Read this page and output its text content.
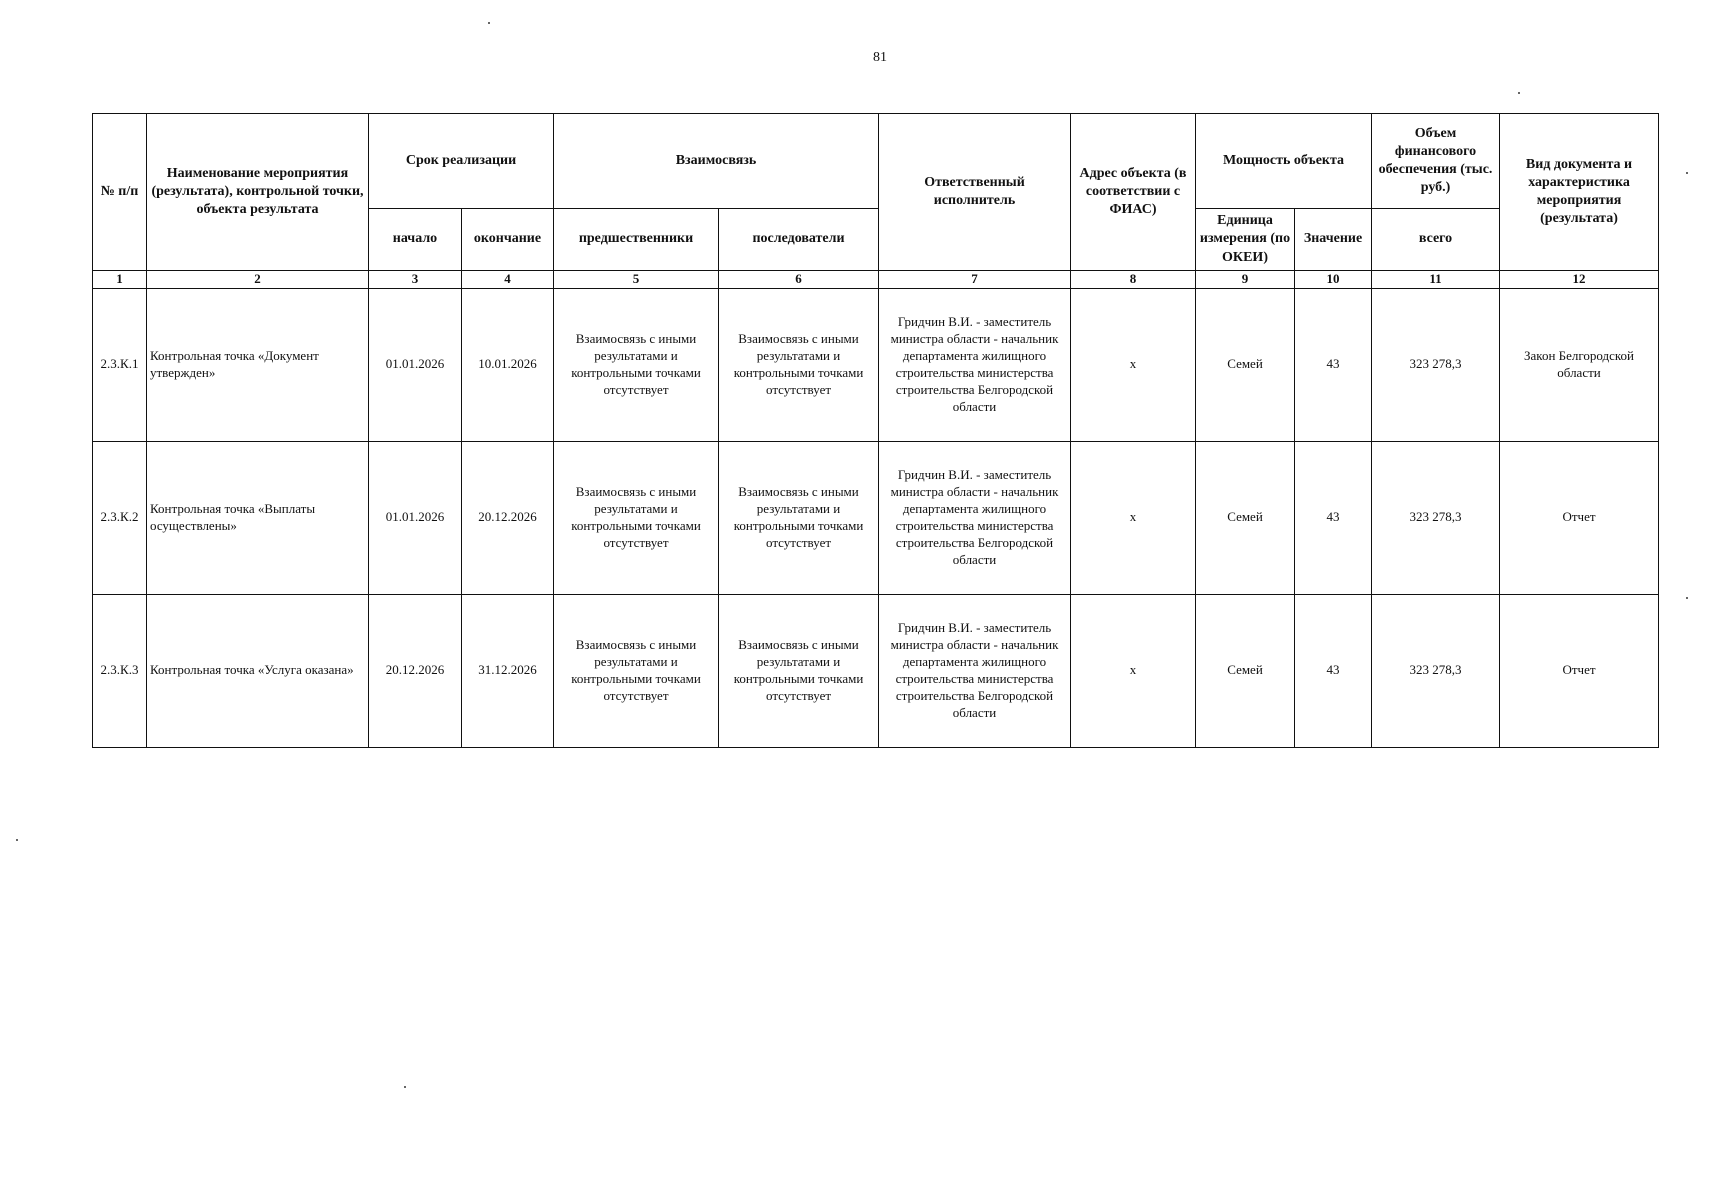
81
№ п/п	Наименование мероприятия (результата), контрольной точки, объекта результата	Срок реализации		Взаимосвязь		Ответственный исполнитель	Адрес объекта (в соответствии с ФИАС)	Мощность объекта		Объем финансового обеспечения (тыс. руб.)	Вид документа и характеристика мероприятия (результата)
		начало	окончание	предшественники	последователи			Единица измерения (по ОКЕИ)	Значение	всего	
1	2	3	4	5	6	7	8	9	10	11	12
2.3.К.1	Контрольная точка «Документ утвержден»	01.01.2026	10.01.2026	Взаимосвязь с иными результатами и контрольными точками отсутствует	Взаимосвязь с иными результатами и контрольными точками отсутствует	Гридчин В.И. - заместитель министра области - начальник департамента жилищного строительства министерства строительства Белгородской области	х	Семей	43	323 278,3	Закон Белгородской области
2.3.К.2	Контрольная точка «Выплаты осуществлены»	01.01.2026	20.12.2026	Взаимосвязь с иными результатами и контрольными точками отсутствует	Взаимосвязь с иными результатами и контрольными точками отсутствует	Гридчин В.И. - заместитель министра области - начальник департамента жилищного строительства министерства строительства Белгородской области	х	Семей	43	323 278,3	Отчет
2.3.К.3	Контрольная точка «Услуга оказана»	20.12.2026	31.12.2026	Взаимосвязь с иными результатами и контрольными точками отсутствует	Взаимосвязь с иными результатами и контрольными точками отсутствует	Гридчин В.И. - заместитель министра области - начальник департамента жилищного строительства министерства строительства Белгородской области	х	Семей	43	323 278,3	Отчет
